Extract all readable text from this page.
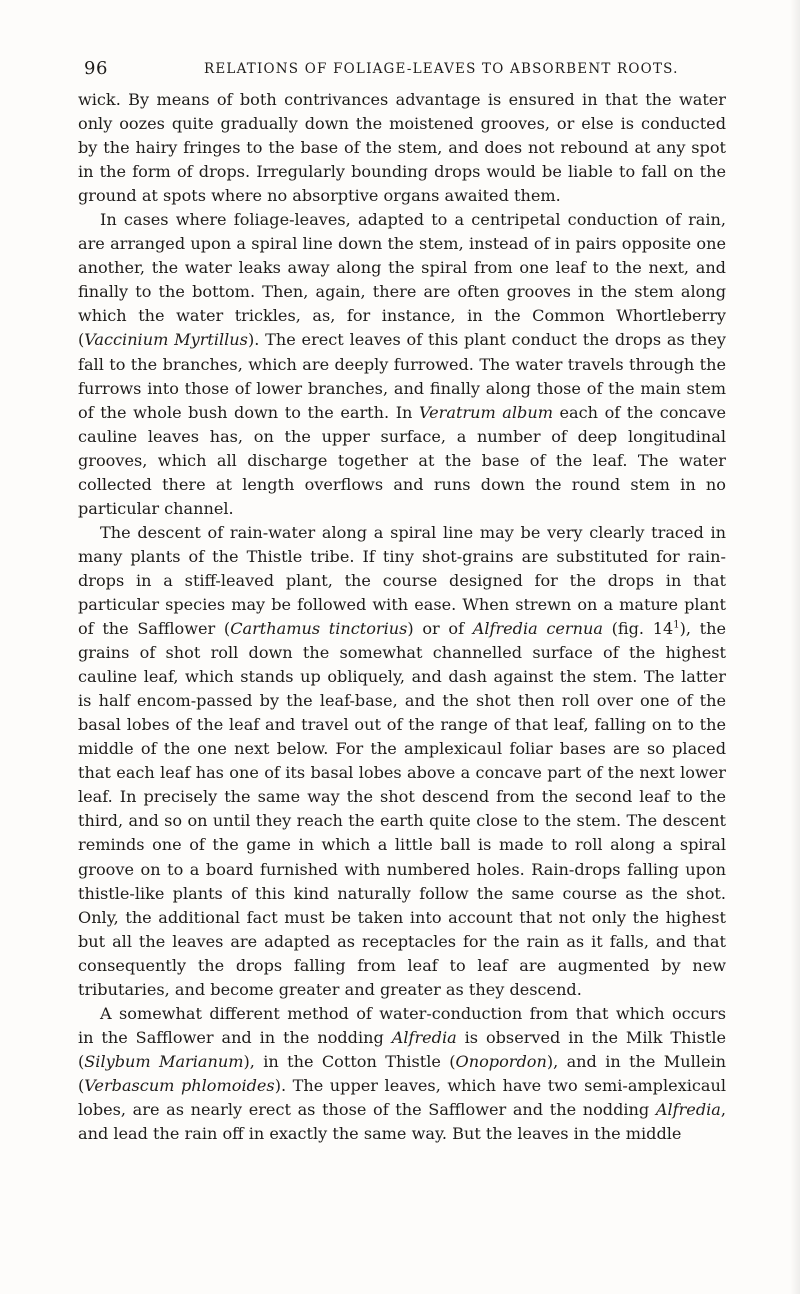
96	RELATIONS OF FOLIAGE-LEAVES TO ABSORBENT ROOTS.

wick. By means of both contrivances advantage is ensured in that the water only oozes quite gradually down the moistened grooves, or else is conducted by the hairy fringes to the base of the stem, and does not rebound at any spot in the form of drops. Irregularly bounding drops would be liable to fall on the ground at spots where no absorptive organs awaited them.

In cases where foliage-leaves, adapted to a centripetal conduction of rain, are arranged upon a spiral line down the stem, instead of in pairs opposite one another, the water leaks away along the spiral from one leaf to the next, and finally to the bottom. Then, again, there are often grooves in the stem along which the water trickles, as, for instance, in the Common Whortleberry (Vaccinium Myrtillus). The erect leaves of this plant conduct the drops as they fall to the branches, which are deeply furrowed. The water travels through the furrows into those of lower branches, and finally along those of the main stem of the whole bush down to the earth. In Veratrum album each of the concave cauline leaves has, on the upper surface, a number of deep longitudinal grooves, which all discharge together at the base of the leaf. The water collected there at length overflows and runs down the round stem in no particular channel.

The descent of rain-water along a spiral line may be very clearly traced in many plants of the Thistle tribe. If tiny shot-grains are substituted for rain-drops in a stiff-leaved plant, the course designed for the drops in that particular species may be followed with ease. When strewn on a mature plant of the Safflower (Carthamus tinctorius) or of Alfredia cernua (fig. $14^1$), the grains of shot roll down the somewhat channelled surface of the highest cauline leaf, which stands up obliquely, and dash against the stem. The latter is half encom-passed by the leaf-base, and the shot then roll over one of the basal lobes of the leaf and travel out of the range of that leaf, falling on to the middle of the one next below. For the amplexicaul foliar bases are so placed that each leaf has one of its basal lobes above a concave part of the next lower leaf. In precisely the same way the shot descend from the second leaf to the third, and so on until they reach the earth quite close to the stem. The descent reminds one of the game in which a little ball is made to roll along a spiral groove on to a board furnished with numbered holes. Rain-drops falling upon thistle-like plants of this kind naturally follow the same course as the shot. Only, the additional fact must be taken into account that not only the highest but all the leaves are adapted as receptacles for the rain as it falls, and that consequently the drops falling from leaf to leaf are augmented by new tributaries, and become greater and greater as they descend.

A somewhat different method of water-conduction from that which occurs in the Safflower and in the nodding Alfredia is observed in the Milk Thistle (Silybum Marianum), in the Cotton Thistle (Onopordon), and in the Mullein (Verbascum phlomoides). The upper leaves, which have two semi-amplexicaul lobes, are as nearly erect as those of the Safflower and the nodding Alfredia, and lead the rain off in exactly the same way. But the leaves in the middle
